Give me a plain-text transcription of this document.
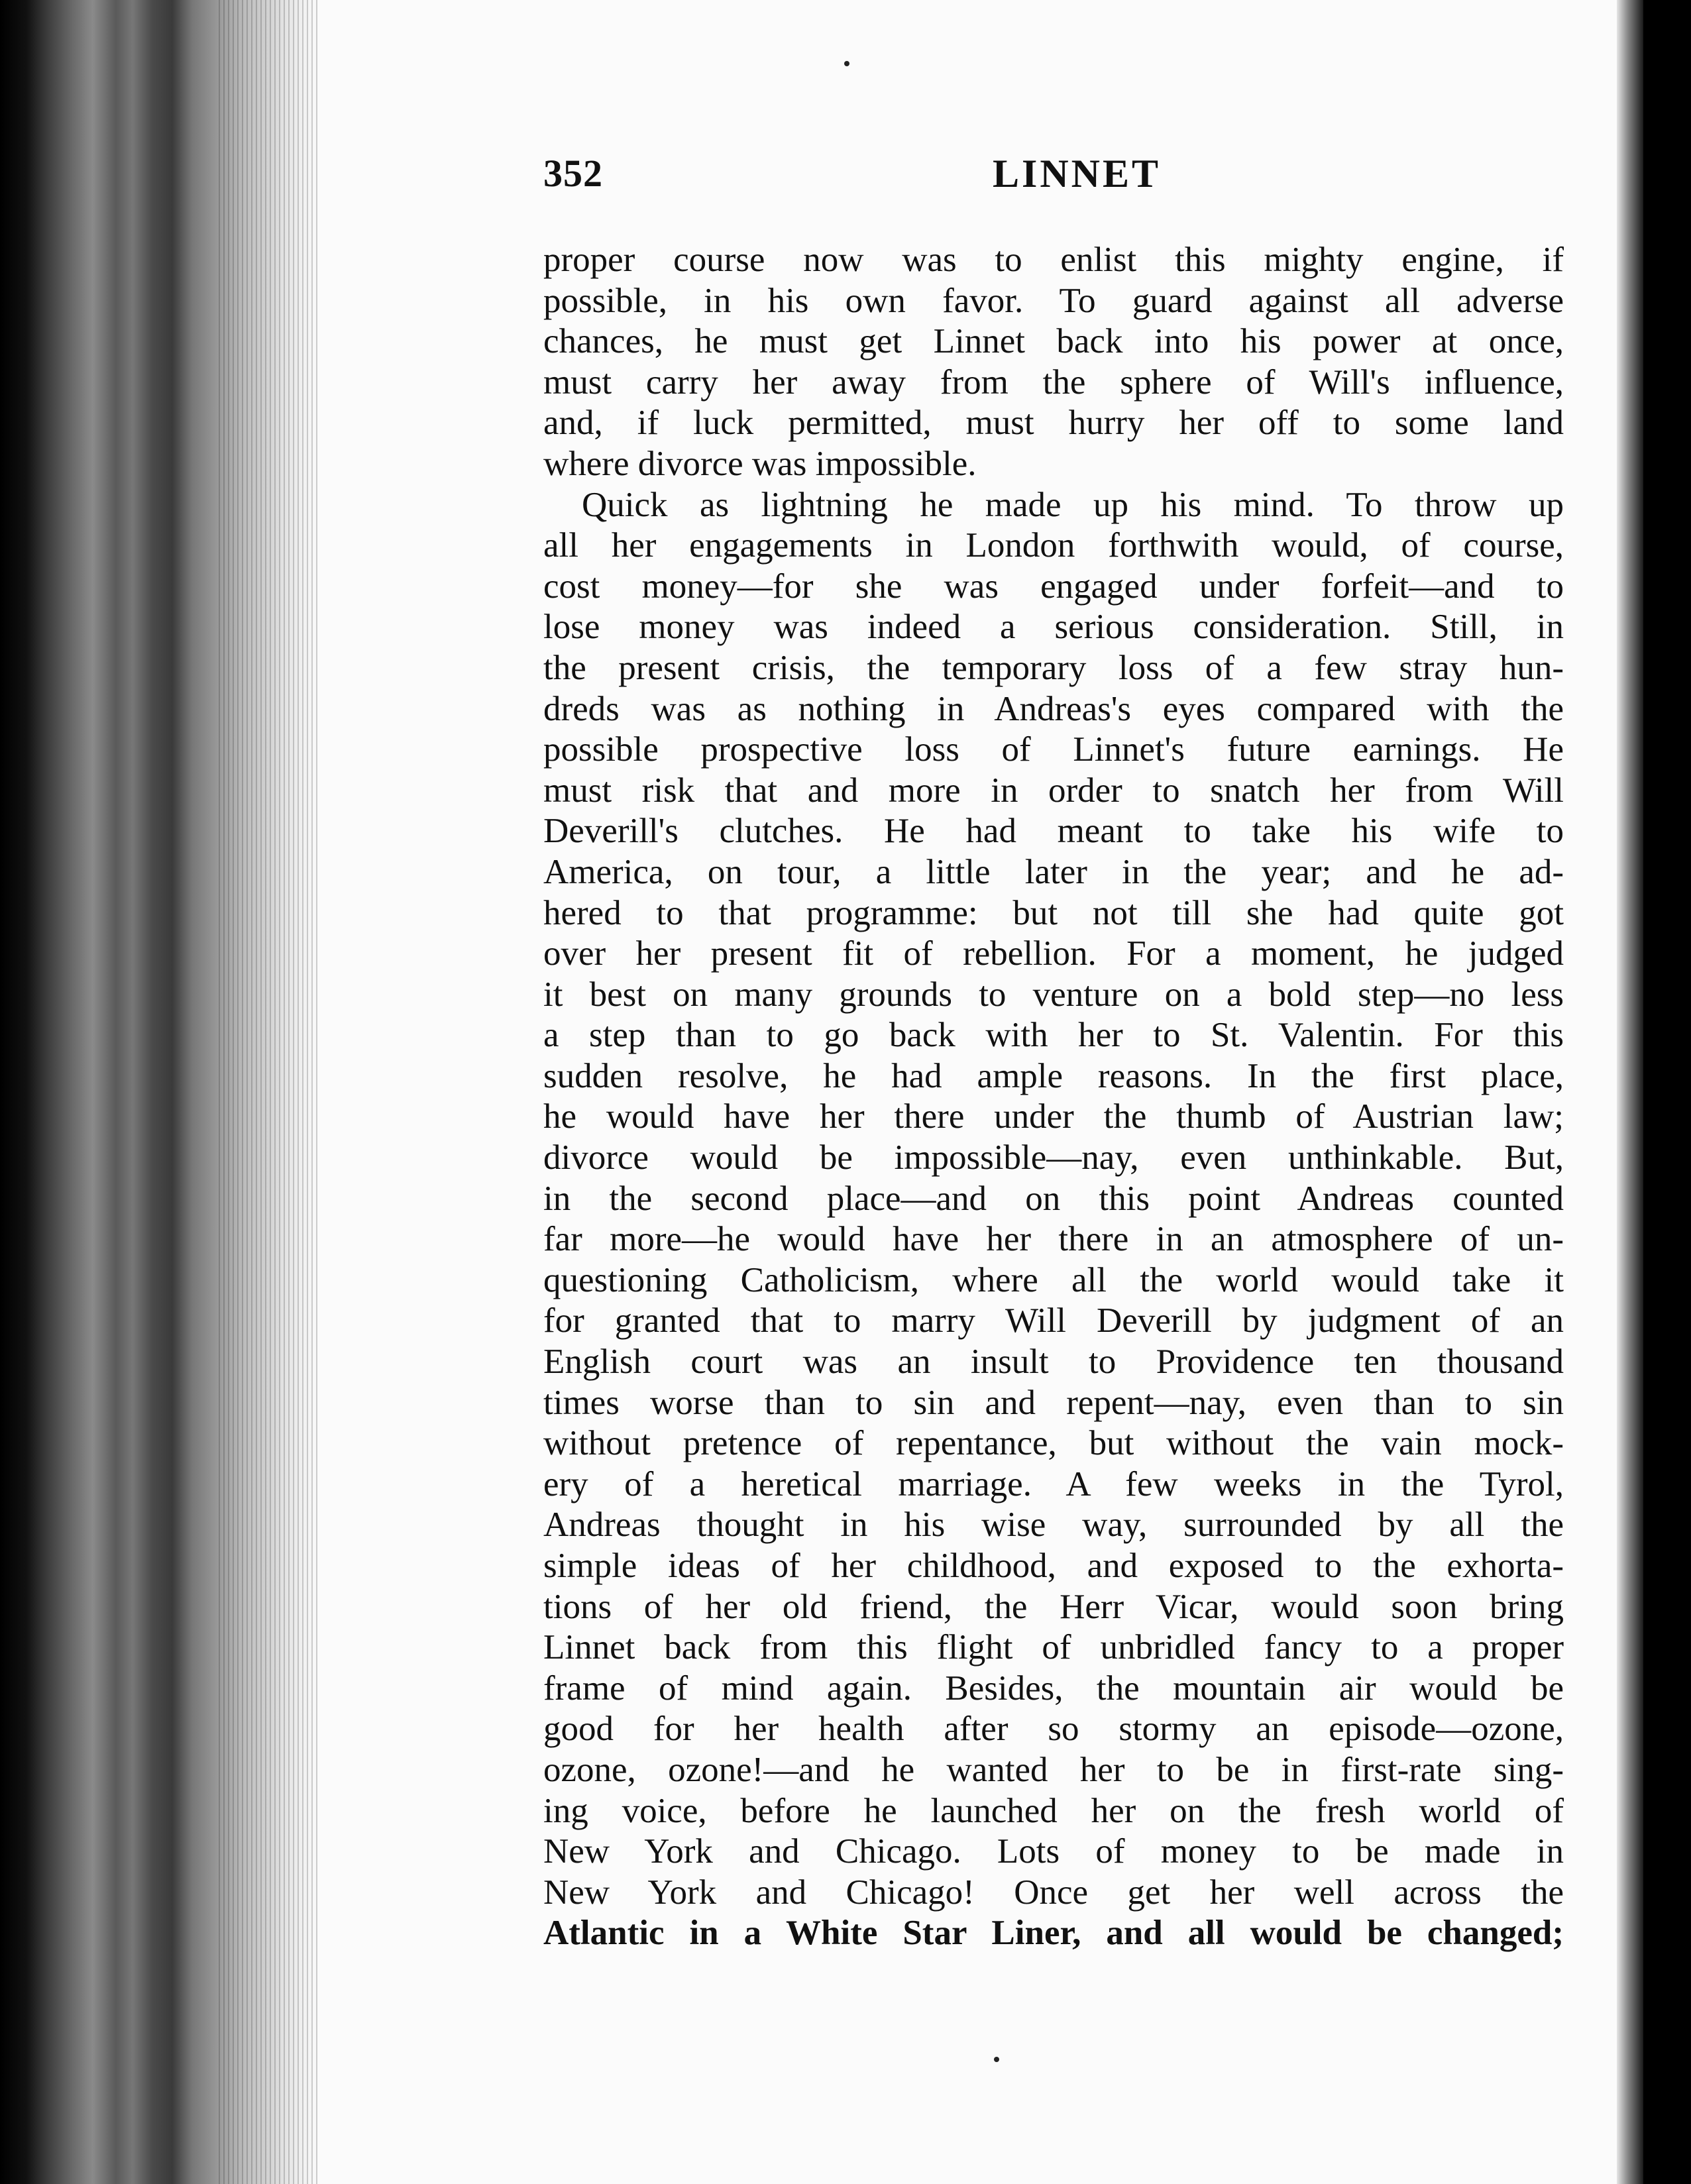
352	LINNET
proper course now was to enlist this mighty engine, if
possible, in his own favor. To guard against all adverse
chances, he must get Linnet back into his power at once,
must carry her away from the sphere of Will's influence,
and, if luck permitted, must hurry her off to some land
where divorce was impossible.
Quick as lightning he made up his mind. To throw up
all her engagements in London forthwith would, of course,
cost money—for she was engaged under forfeit—and to
lose money was indeed a serious consideration. Still, in
the present crisis, the temporary loss of a few stray hun-
dreds was as nothing in Andreas's eyes compared with the
possible prospective loss of Linnet's future earnings. He
must risk that and more in order to snatch her from Will
Deverill's clutches. He had meant to take his wife to
America, on tour, a little later in the year; and he ad-
hered to that programme: but not till she had quite got
over her present fit of rebellion. For a moment, he judged
it best on many grounds to venture on a bold step—no less
a step than to go back with her to St. Valentin. For this
sudden resolve, he had ample reasons. In the first place,
he would have her there under the thumb of Austrian law;
divorce would be impossible—nay, even unthinkable. But,
in the second place—and on this point Andreas counted
far more—he would have her there in an atmosphere of un-
questioning Catholicism, where all the world would take it
for granted that to marry Will Deverill by judgment of an
English court was an insult to Providence ten thousand
times worse than to sin and repent—nay, even than to sin
without pretence of repentance, but without the vain mock-
ery of a heretical marriage. A few weeks in the Tyrol,
Andreas thought in his wise way, surrounded by all the
simple ideas of her childhood, and exposed to the exhorta-
tions of her old friend, the Herr Vicar, would soon bring
Linnet back from this flight of unbridled fancy to a proper
frame of mind again. Besides, the mountain air would be
good for her health after so stormy an episode—ozone,
ozone, ozone!—and he wanted her to be in first-rate sing-
ing voice, before he launched her on the fresh world of
New York and Chicago. Lots of money to be made in
New York and Chicago! Once get her well across the
Atlantic in a White Star Liner, and all would be changed;
